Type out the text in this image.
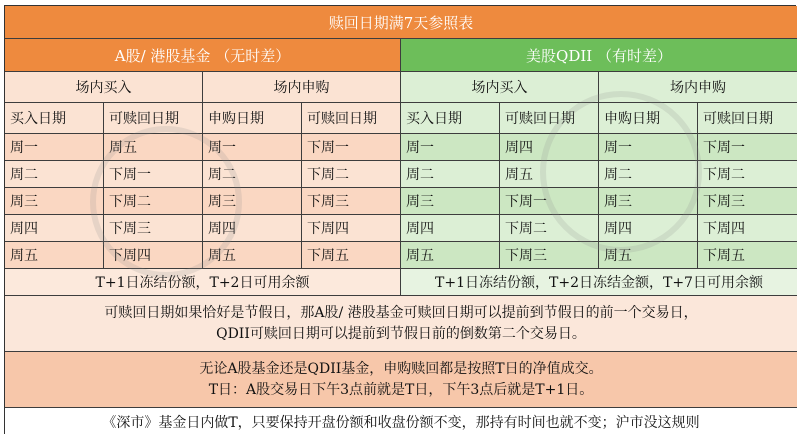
赎回日期满7天参照表
A股/ 港股基金 （无时差）	美股QDII （有时差）
场内买入	场内申购	场内买入	场内申购
买入日期	可赎回日期	申购日期	可赎回日期	买入日期	可赎回日期	申购日期	可赎回日期
周一	周五	周一	下周一	周一	周四	周一	下周一
周二	下周一	周二	下周二	周二	周五	周二	下周二
周三	下周二	周三	下周三	周三	下周一	周三	下周三
周四	下周三	周四	下周四	周四	下周二	周四	下周四
周五	下周四	周五	下周五	周五	下周三	周五	下周五
T+1日冻结份额，T+2日可用余额	T+1日冻结份额，T+2日冻结金额，T+7日可用余额
可赎回日期如果恰好是节假日，那A股/ 港股基金可赎回日期可以提前到节假日的前一个交易日，
QDII可赎回日期可以提前到节假日前的倒数第二个交易日。
无论A股基金还是QDII基金，申购赎回都是按照T日的净值成交。
T日：A股交易日下午3点前就是T日，下午3点后就是T+1日。
《深市》基金日内做T，只要保持开盘份额和收盘份额不变，那持有时间也就不变；沪市没这规则
